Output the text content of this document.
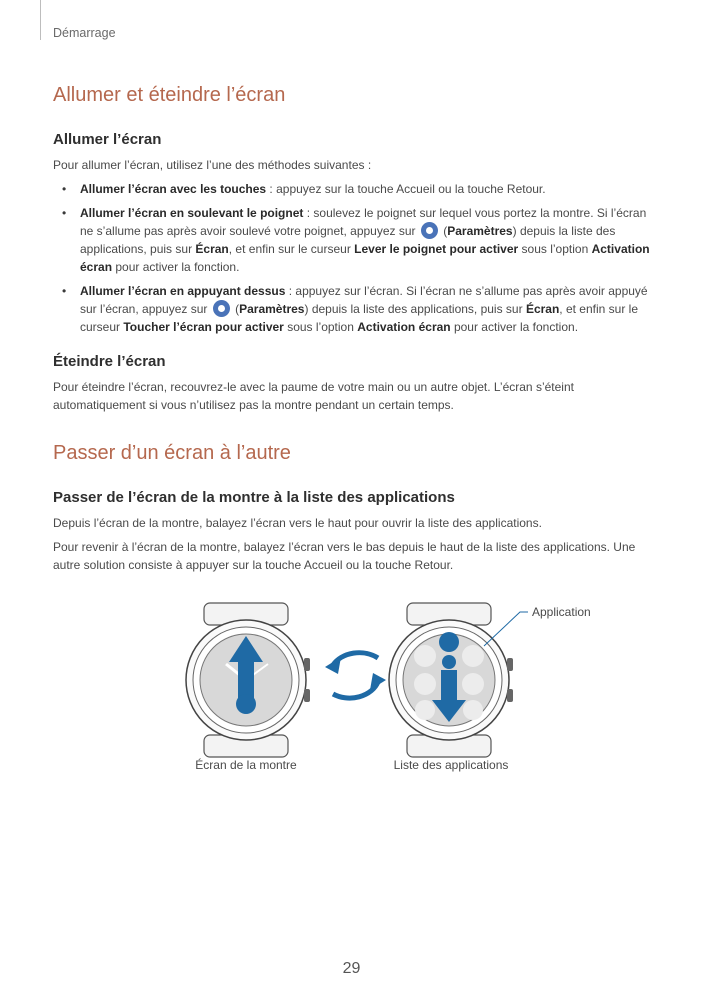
Démarrage
Allumer et éteindre l’écran
Allumer l’écran

Pour allumer l’écran, utilisez l’une des méthodes suivantes :

• Allumer l’écran avec les touches : appuyez sur la touche Accueil ou la touche Retour.
• Allumer l’écran en soulevant le poignet : soulevez le poignet sur lequel vous portez la montre. Si l’écran ne s’allume pas après avoir soulevé votre poignet, appuyez sur  (Paramètres) depuis la liste des applications, puis sur Écran, et enfin sur le curseur Lever le poignet pour activer sous l’option Activation écran pour activer la fonction.
• Allumer l’écran en appuyant dessus : appuyez sur l’écran. Si l’écran ne s’allume pas après avoir appuyé sur l’écran, appuyez sur  (Paramètres) depuis la liste des applications, puis sur Écran, et enfin sur le curseur Toucher l’écran pour activer sous l’option Activation écran pour activer la fonction.
Éteindre l’écran

Pour éteindre l’écran, recouvrez-le avec la paume de votre main ou un autre objet. L’écran s’éteint automatiquement si vous n’utilisez pas la montre pendant un certain temps.

Passer d’un écran à l’autre
Passer de l’écran de la montre à la liste des applications

Depuis l’écran de la montre, balayez l’écran vers le haut pour ouvrir la liste des applications.

Pour revenir à l’écran de la montre, balayez l’écran vers le bas depuis le haut de la liste des applications. Une autre solution consiste à appuyer sur la touche Accueil ou la touche Retour.

Application
Écran de la montre	Liste des applications
29
